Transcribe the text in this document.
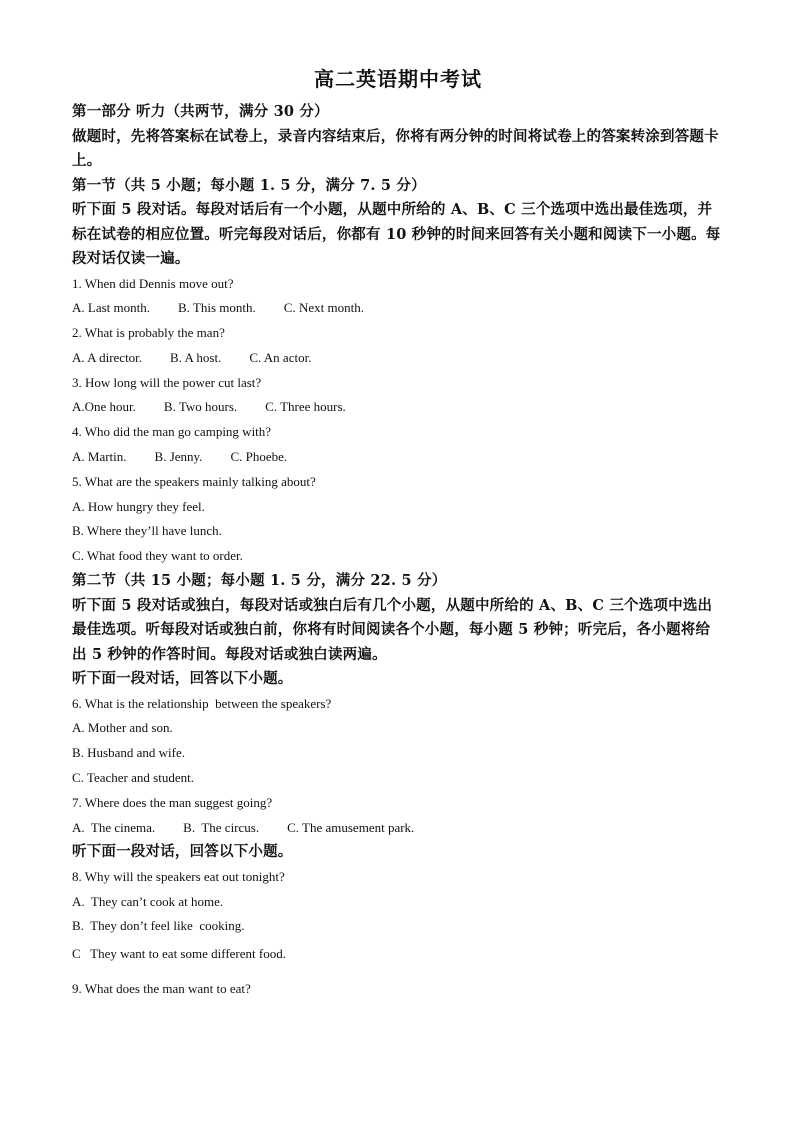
高二英语期中考试

第一部分 听力（共两节，满分 30 分）

做题时，先将答案标在试卷上，录音内容结束后，你将有两分钟的时间将试卷上的答案转涂到答题卡上。

第一节（共 5 小题；每小题 1. 5 分，满分 7. 5 分）

听下面 5 段对话。每段对话后有一个小题，从题中所给的 A、B、C 三个选项中选出最佳选项，并标在试卷的相应位置。听完每段对话后，你都有 10 秒钟的时间来回答有关小题和阅读下一小题。每段对话仅读一遍。

1. When did Dennis move out?

A. Last month. B. This month. C. Next month.

2. What is probably the man?

A. A director. B. A host. C. An actor.

3. How long will the power cut last?

A.One hour. B. Two hours. C. Three hours.

4. Who did the man go camping with?

A. Martin. B. Jenny. C. Phoebe.

5. What are the speakers mainly talking about?

A. How hungry they feel.

B. Where they’ll have lunch.

C. What food they want to order.

第二节（共 15 小题；每小题 1. 5 分，满分 22. 5 分）

听下面 5 段对话或独白，每段对话或独白后有几个小题，从题中所给的 A、B、C 三个选项中选出最佳选项。听每段对话或独白前，你将有时间阅读各个小题，每小题 5 秒钟；听完后，各小题将给出 5 秒钟的作答时间。每段对话或独白读两遍。

听下面一段对话，回答以下小题。

6. What is the relationship  between the speakers?

A. Mother and son.

B. Husband and wife.

C. Teacher and student.

7. Where does the man suggest going?

A.  The cinema. B.  The circus. C. The amusement park.

听下面一段对话，回答以下小题。

8. Why will the speakers eat out tonight?

A.  They can’t cook at home.

B.  They don’t feel like  cooking.

C   They want to eat some different food.

9. What does the man want to eat?
